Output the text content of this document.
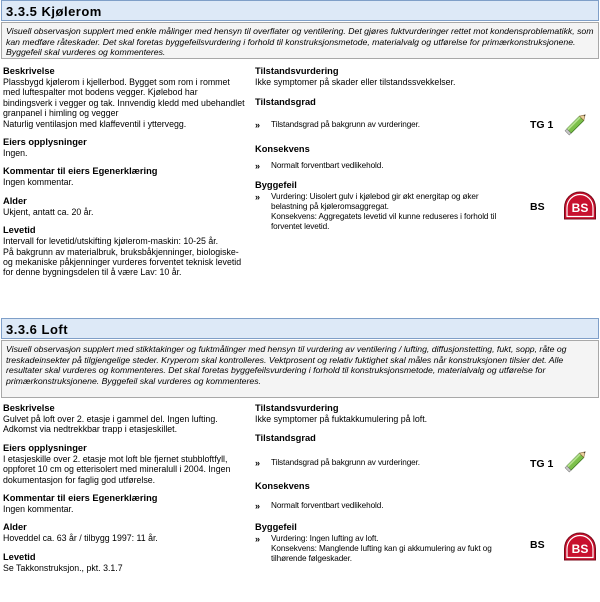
3.3.5 Kjølerom
Visuell observasjon supplert med enkle målinger med hensyn til overflater og ventilering. Det gjøres fuktvurderinger rettet mot kondensproblematikk, som kan medføre råteskader. Det skal foretas byggefeilsvurdering i forhold til konstruksjonsmetode, materialvalg og utførelse for primærkonstruksjonene. Byggefeil skal vurderes og kommenteres.
Beskrivelse
Plassbygd kjølerom i kjellerbod. Bygget som rom i rommet med luftespalter mot bodens vegger. Kjølebod har bindingsverk i vegger og tak. Innvendig kledd med ubehandlet granpanel i himling og vegger
Naturlig ventilasjon med klaffeventil i yttervegg.
Eiers opplysninger
Ingen.
Kommentar til eiers Egenerklæring
Ingen kommentar.
Alder
Ukjent, antatt ca. 20 år.
Levetid
Intervall for levetid/utskifting kjølerom-maskin: 10-25 år.
På bakgrunn av materialbruk, bruksbåkjenninger, biologiske- og mekaniske påkjenninger vurderes forventet teknisk levetid for denne bygningsdelen til å være Lav: 10 år.
Tilstandsvurdering
Ikke symptomer på skader eller tilstandssvekkelser.
Tilstandsgrad
»	Tilstandsgrad på bakgrunn av vurderinger.	TG 1
Konsekvens
»	Normalt forventbart vedlikehold.
Byggefeil
»	Vurdering: Uisolert gulv i kjølebod gir økt energitap og øker belastning på kjøleromsaggregat.
Konsekvens: Aggregatets levetid vil kunne reduseres i forhold til forventet levetid.
BS BS
3.3.6 Loft
Visuell observasjon supplert med stikktakinger og fuktmålinger med hensyn til vurdering av ventilering / lufting, diffusjonstetting, fukt, sopp, råte og treskadeinsekter på tilgjengelige steder. Kryperom skal kontrolleres. Vektprosent og relativ fuktighet skal måles når konstruksjonen tilsier det. Alle resultater skal vurderes og kommenteres. Det skal foretas byggefeilsvurdering i forhold til konstruksjonsmetode, materialvalg og utførelse for primærkonstruksjonene. Byggefeil skal vurderes og kommenteres.
Beskrivelse
Gulvet på loft over 2. etasje i gammel del. Ingen lufting. Adkomst via nedtrekkbar trapp i etasjeskillet.
Eiers opplysninger
I etasjeskille over 2. etasje mot loft ble fjernet stubbloftfyll, oppforet 10 cm og etterisolert med mineralull i 2004. Ingen dokumentasjon for faglig god utførelse.
Kommentar til eiers Egenerklæring
Ingen kommentar.
Alder
Hoveddel ca. 63 år / tilbygg 1997: 11 år.
Levetid
Se Takkonstruksjon., pkt. 3.1.7
Tilstandsvurdering
Ikke symptomer på fuktakkumulering på loft.
Tilstandsgrad
»	Tilstandsgrad på bakgrunn av vurderinger.	TG 1
Konsekvens
»	Normalt forventbart vedlikehold.
Byggefeil
»	Vurdering: Ingen lufting av loft.
Konsekvens: Manglende lufting kan gi akkumulering av fukt og tilhørende følgeskader.
BS BS
